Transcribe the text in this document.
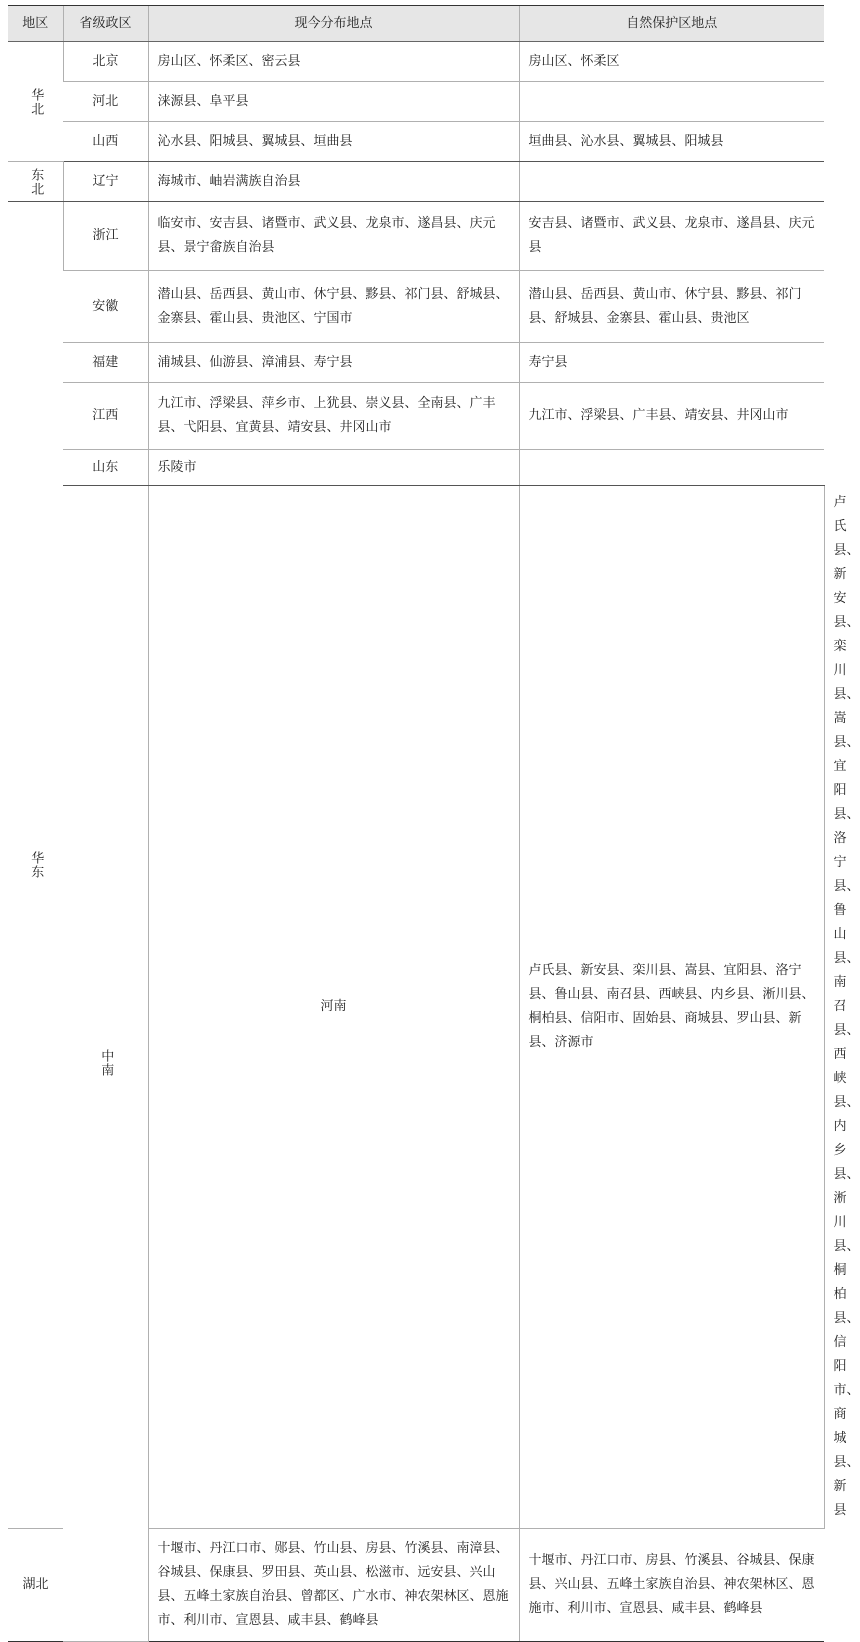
地区	省级政区	现今分布地点	自然保护区地点	
华北	北京	房山区、怀柔区、密云县	房山区、怀柔区	
	河北	涞源县、阜平县		
	山西	沁水县、阳城县、翼城县、垣曲县	垣曲县、沁水县、翼城县、阳城县	
东北	辽宁	海城市、岫岩满族自治县		
华东	浙江	临安市、安吉县、诸暨市、武义县、龙泉市、遂昌县、庆元县、景宁畲族自治县	安吉县、诸暨市、武义县、龙泉市、遂昌县、庆元县	
	安徽	潜山县、岳西县、黄山市、休宁县、黟县、祁门县、舒城县、金寨县、霍山县、贵池区、宁国市	潜山县、岳西县、黄山市、休宁县、黟县、祁门县、舒城县、金寨县、霍山县、贵池区	
	福建	浦城县、仙游县、漳浦县、寿宁县	寿宁县	
	江西	九江市、浮梁县、萍乡市、上犹县、崇义县、全南县、广丰县、弋阳县、宜黄县、靖安县、井冈山市	九江市、浮梁县、广丰县、靖安县、井冈山市	
	山东	乐陵市		
	中南	河南	卢氏县、新安县、栾川县、嵩县、宜阳县、洛宁县、鲁山县、南召县、西峡县、内乡县、淅川县、桐柏县、信阳市、固始县、商城县、罗山县、新县、济源市	卢氏县、新安县、栾川县、嵩县、宜阳县、洛宁县、鲁山县、南召县、西峡县、内乡县、淅川县、桐柏县、信阳市、商城县、新县
湖北		十堰市、丹江口市、郧县、竹山县、房县、竹溪县、南漳县、谷城县、保康县、罗田县、英山县、松滋市、远安县、兴山县、五峰土家族自治县、曾都区、广水市、神农架林区、恩施市、利川市、宣恩县、咸丰县、鹤峰县	十堰市、丹江口市、房县、竹溪县、谷城县、保康县、兴山县、五峰土家族自治县、神农架林区、恩施市、利川市、宣恩县、咸丰县、鹤峰县	
